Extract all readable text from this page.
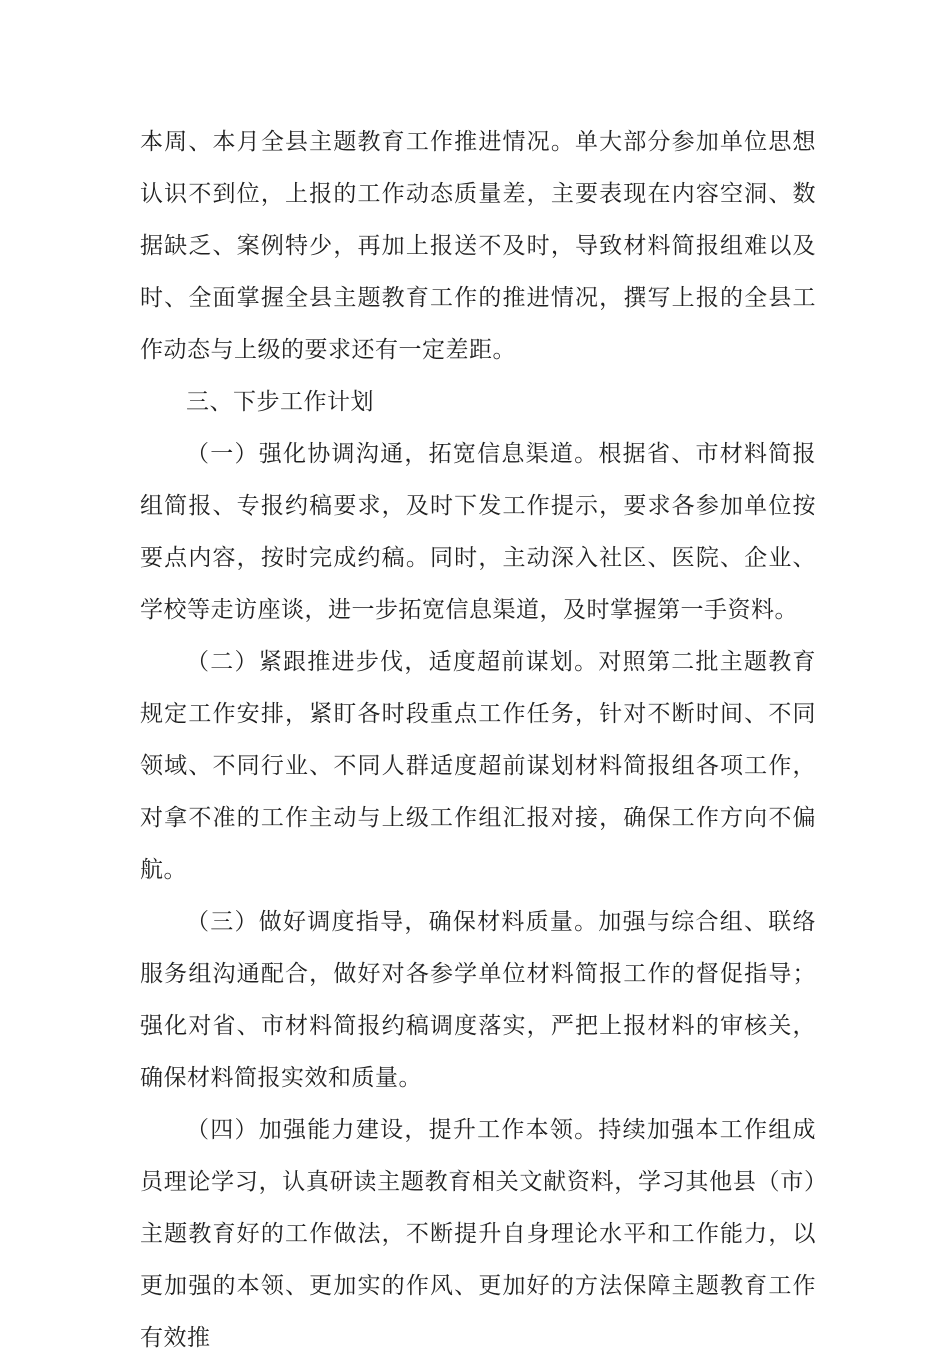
本周、本月全县主题教育工作推进情况。单大部分参加单位思想认识不到位，上报的工作动态质量差，主要表现在内容空洞、数据缺乏、案例特少，再加上报送不及时，导致材料简报组难以及时、全面掌握全县主题教育工作的推进情况，撰写上报的全县工作动态与上级的要求还有一定差距。

三、下步工作计划

（一）强化协调沟通，拓宽信息渠道。根据省、市材料简报组简报、专报约稿要求，及时下发工作提示，要求各参加单位按要点内容，按时完成约稿。同时，主动深入社区、医院、企业、学校等走访座谈，进一步拓宽信息渠道，及时掌握第一手资料。

（二）紧跟推进步伐，适度超前谋划。对照第二批主题教育规定工作安排，紧盯各时段重点工作任务，针对不断时间、不同领域、不同行业、不同人群适度超前谋划材料简报组各项工作，对拿不准的工作主动与上级工作组汇报对接，确保工作方向不偏航。

（三）做好调度指导，确保材料质量。加强与综合组、联络服务组沟通配合，做好对各参学单位材料简报工作的督促指导；强化对省、市材料简报约稿调度落实，严把上报材料的审核关，确保材料简报实效和质量。

（四）加强能力建设，提升工作本领。持续加强本工作组成员理论学习，认真研读主题教育相关文献资料，学习其他县（市）主题教育好的工作做法，不断提升自身理论水平和工作能力，以更加强的本领、更加实的作风、更加好的方法保障主题教育工作有效推
